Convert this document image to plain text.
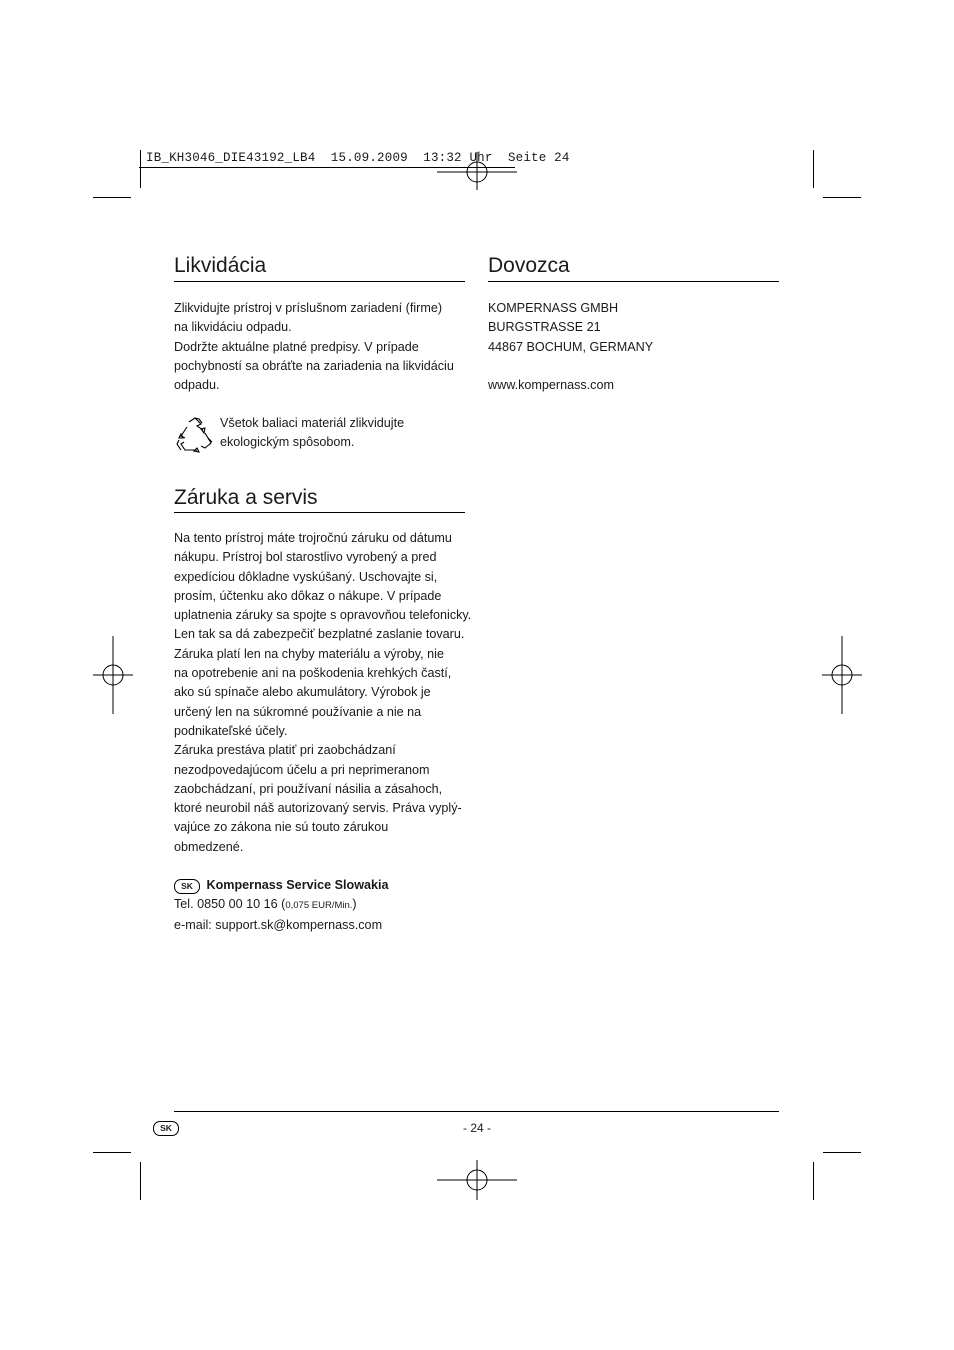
IB_KH3046_DIE43192_LB4  15.09.2009  13:32 Uhr  Seite 24
Likvidácia

Zlikvidujte prístroj v príslušnom zariadení (firme)

na likvidáciu odpadu.

Dodržte aktuálne platné predpisy. V prípade

pochybností sa obráťte na zariadenia na likvidáciu

odpadu.

Všetok baliaci materiál zlikvidujte

ekologickým spôsobom.

Záruka a servis

Na tento prístroj máte trojročnú záruku od dátumu

nákupu. Prístroj bol starostlivo vyrobený a pred

expedíciou dôkladne vyskúšaný. Uschovajte si,

prosím, účtenku ako dôkaz o nákupe. V prípade

uplatnenia záruky sa spojte s opravovňou telefonicky.

Len tak sa dá zabezpečiť bezplatné zaslanie tovaru.

Záruka platí len na chyby materiálu a výroby, nie

na opotrebenie ani na poškodenia krehkých častí,

ako sú spínače alebo akumulátory. Výrobok je

určený len na súkromné používanie a nie na

podnikateľské účely.

Záruka prestáva platiť pri zaobchádzaní

nezodpovedajúcom účelu a pri neprimeranom

zaobchádzaní, pri používaní násilia a zásahoch,

ktoré neurobil náš autorizovaný servis. Práva vyplý-

vajúce zo zákona nie sú touto zárukou

obmedzené.

SK Kompernass Service Slowakia

Tel. 0850 00 10 16 (0,075 EUR/Min.)

e-mail: support.sk@kompernass.com

Dovozca

KOMPERNASS GMBH

BURGSTRASSE 21

44867 BOCHUM, GERMANY

www.kompernass.com

SK	- 24 -
